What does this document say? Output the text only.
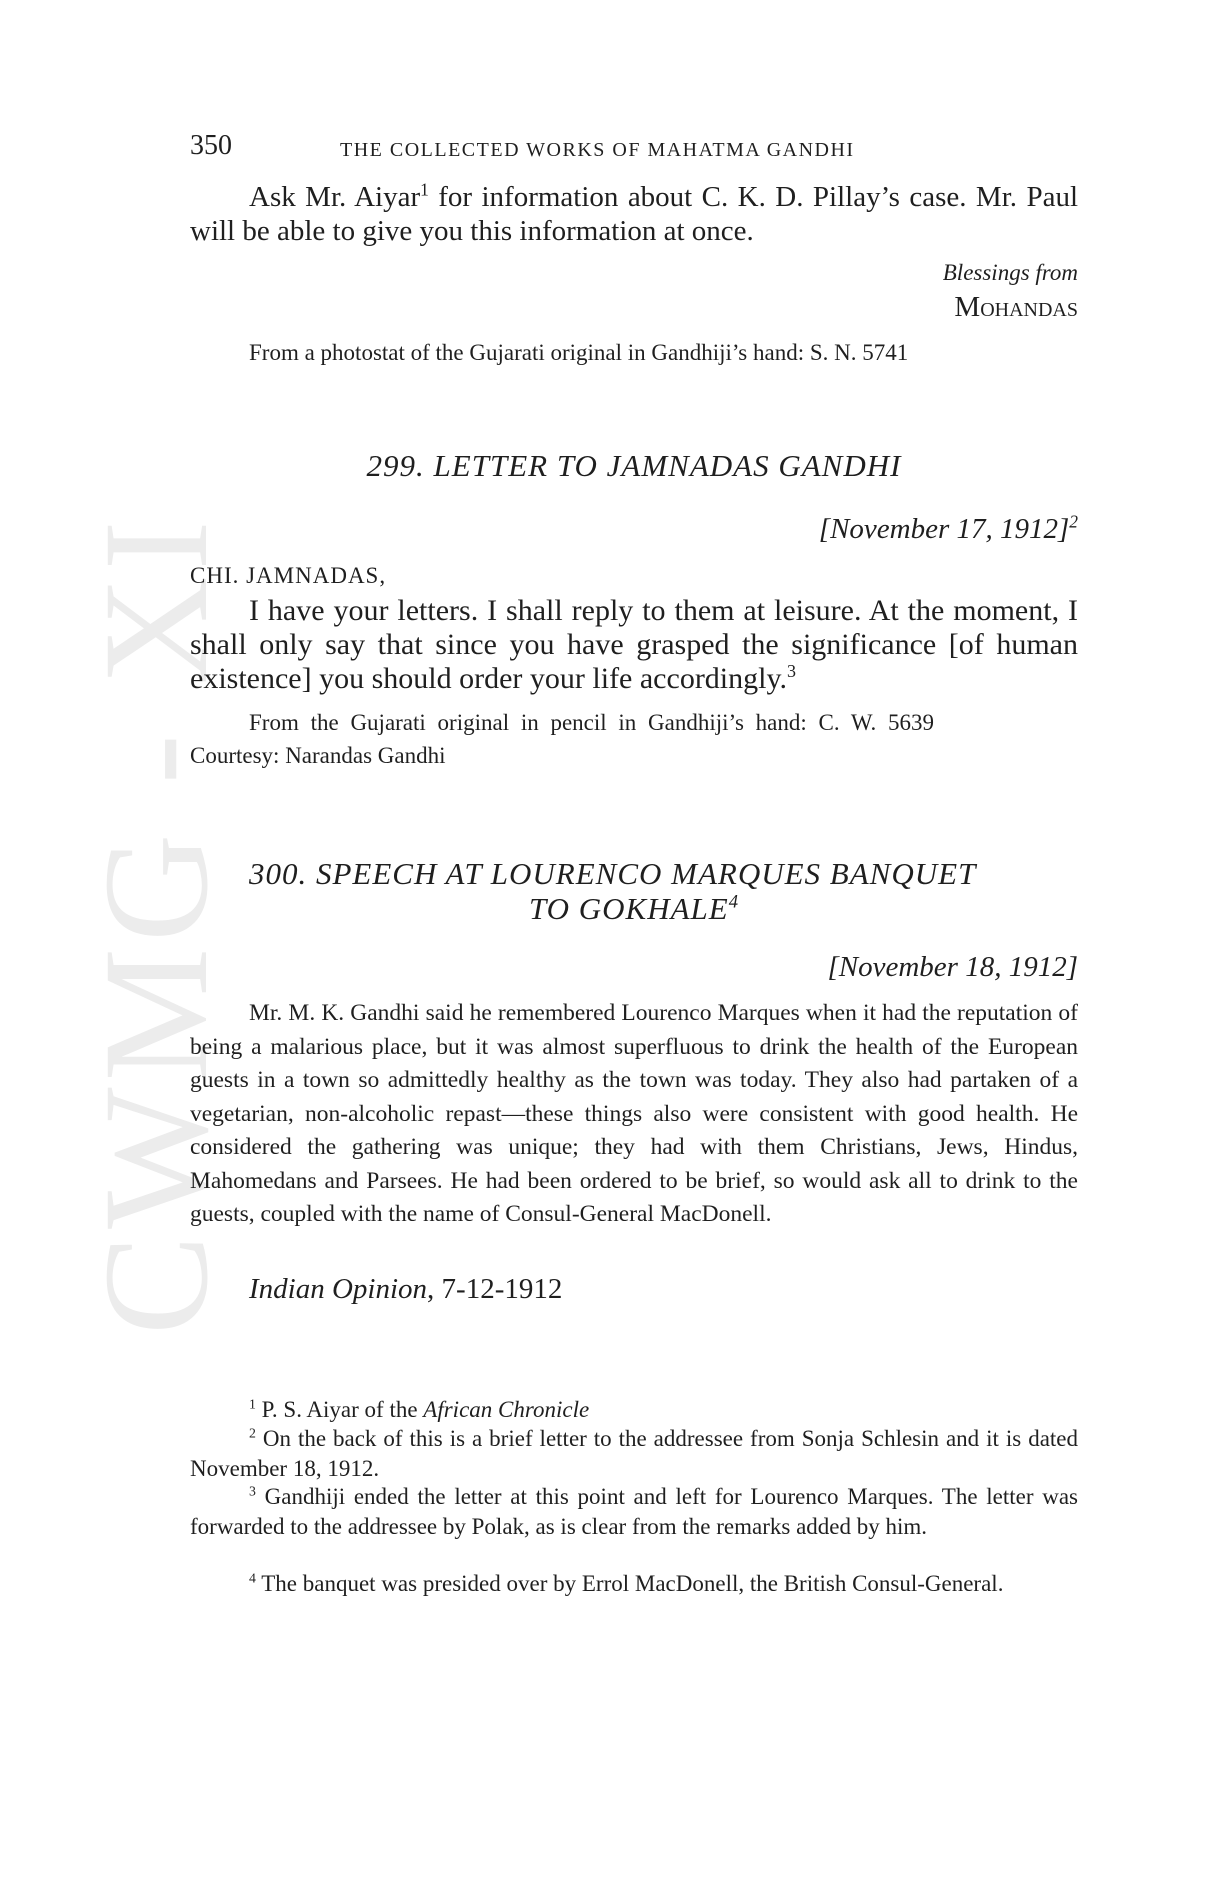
CWMG - XI
350	THE COLLECTED WORKS OF MAHATMA GANDHI
Ask Mr. Aiyar$^1$ for information about C. K. D. Pillay’s case. Mr. Paul will be able to give you this information at once.
Blessings from
Mohandas
From a photostat of the Gujarati original in Gandhiji’s hand: S. N. 5741
299. LETTER TO JAMNADAS GANDHI
[November 17, 1912]$^2$
CHI. JAMNADAS,
I have your letters. I shall reply to them at leisure. At the moment, I shall only say that since you have grasped the significance [of human existence] you should order your life accordingly.$^3$
From the Gujarati original in pencil in Gandhiji’s hand: C. W. 5639
Courtesy: Narandas Gandhi
300. SPEECH AT LOURENCO MARQUES BANQUET
TO GOKHALE$^4$
[November 18, 1912]
Mr. M. K. Gandhi said he remembered Lourenco Marques when it had the reputation of being a malarious place, but it was almost superfluous to drink the health of the European guests in a town so admittedly healthy as the town was today. They also had partaken of a vegetarian, non-alcoholic repast—these things also were consistent with good health. He considered the gathering was unique; they had with them Christians, Jews, Hindus, Mahomedans and Parsees. He had been ordered to be brief, so would ask all to drink to the guests, coupled with the name of Consul-General MacDonell.
Indian Opinion, 7-12-1912
$^1$ P. S. Aiyar of the African Chronicle
$^2$ On the back of this is a brief letter to the addressee from Sonja Schlesin and it is dated November 18, 1912.
$^3$ Gandhiji ended the letter at this point and left for Lourenco Marques. The letter was forwarded to the addressee by Polak, as is clear from the remarks added by him.
$^4$ The banquet was presided over by Errol MacDonell, the British Consul-General.
